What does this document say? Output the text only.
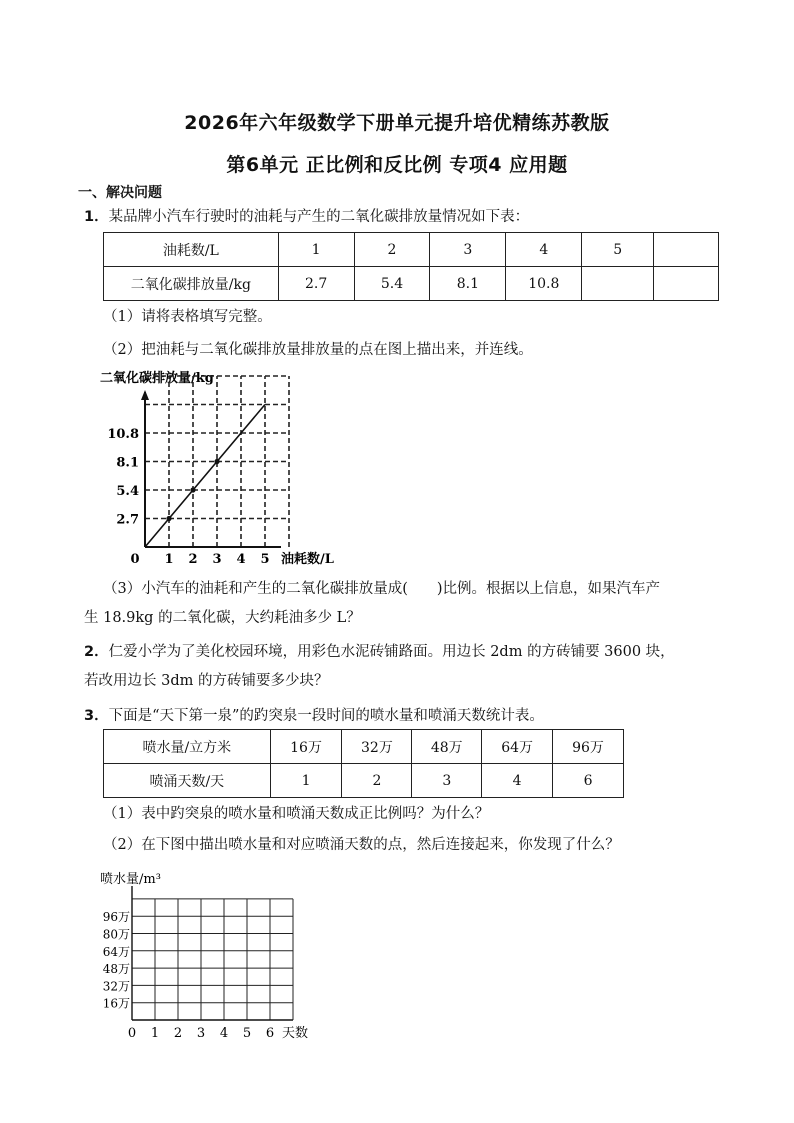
2026年六年级数学下册单元提升培优精练苏教版
第6单元 正比例和反比例 专项4 应用题
一、解决问题
1．某品牌小汽车行驶时的油耗与产生的二氧化碳排放量情况如下表：
油耗数/L	1	2	3	4	5	
二氧化碳排放量/kg	2.7	5.4	8.1	10.8		
（1）请将表格填写完整。
（2）把油耗与二氧化碳排放量排放量的点在图上描出来，并连线。
二氧化碳排放量/kg
0 1 2 3 4 5
2.7
5.4
8.1
10.8
油耗数/L
（3）小汽车的油耗和产生的二氧化碳排放量成(　　)比例。根据以上信息，如果汽车产
生 18.9kg 的二氧化碳，大约耗油多少 L？
2．仁爱小学为了美化校园环境，用彩色水泥砖铺路面。用边长 2dm 的方砖铺要 3600 块，
若改用边长 3dm 的方砖铺要多少块？
3．下面是“天下第一泉”的趵突泉一段时间的喷水量和喷涌天数统计表。
喷水量/立方米	16万	32万	48万	64万	96万
喷涌天数/天	1	2	3	4	6
（1）表中趵突泉的喷水量和喷涌天数成正比例吗？为什么？
（2）在下图中描出喷水量和对应喷涌天数的点，然后连接起来，你发现了什么？
喷水量/m³
0 1 2 3 4 5 6
16万
32万
48万
64万
80万
96万
天数
